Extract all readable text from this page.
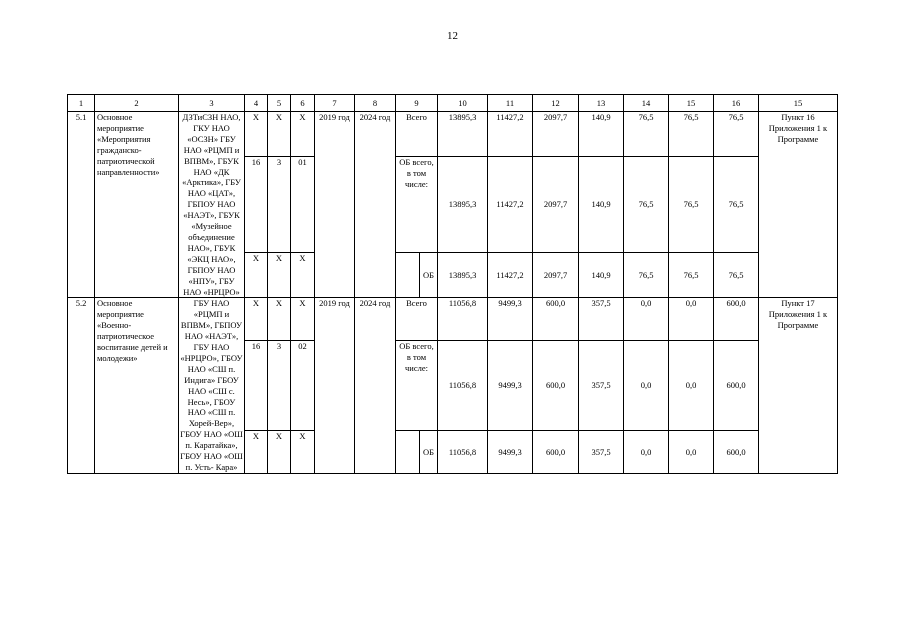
12
1	2	3	4	5	6	7	8	9		10	11	12	13	14	15	16	15
5.1	Основное мероприятие «Мероприятия гражданско-патриотической направленности»	ДЗТиСЗН НАО, ГКУ НАО «ОСЗН» ГБУ НАО «РЦМП и ВПВМ», ГБУК НАО «ДК «Арктика», ГБУ НАО «ЦАТ», ГБПОУ НАО «НАЭТ», ГБУК «Музейное объединение НАО», ГБУК «ЭКЦ НАО», ГБПОУ НАО «НПУ», ГБУ НАО «НРЦРО»	Х	Х	Х	2019 год	2024 год	Всего		13895,3	11427,2	2097,7	140,9	76,5	76,5	76,5	Пункт 16 Приложения 1 к Программе
			16	3	01			ОБ всего, в том числе:		13895,3	11427,2	2097,7	140,9	76,5	76,5	76,5	
			Х	Х	Х				ОБ	13895,3	11427,2	2097,7	140,9	76,5	76,5	76,5	
5.2	Основное мероприятие «Военно-патриотическое воспитание детей и молодежи»	ГБУ НАО «РЦМП и ВПВМ», ГБПОУ НАО «НАЭТ», ГБУ НАО «НРЦРО», ГБОУ НАО «СШ п. Индига» ГБОУ НАО «СШ с. Несь», ГБОУ НАО «СШ п. Хорей-Вер», ГБОУ НАО «ОШ п. Каратайка», ГБОУ НАО «ОШ п. Усть- Кара»	Х	Х	Х	2019 год	2024 год	Всего		11056,8	9499,3	600,0	357,5	0,0	0,0	600,0	Пункт 17 Приложения 1 к Программе
			16	3	02			ОБ всего, в том числе:		11056,8	9499,3	600,0	357,5	0,0	0,0	600,0	
			Х	Х	Х				ОБ	11056,8	9499,3	600,0	357,5	0,0	0,0	600,0	
